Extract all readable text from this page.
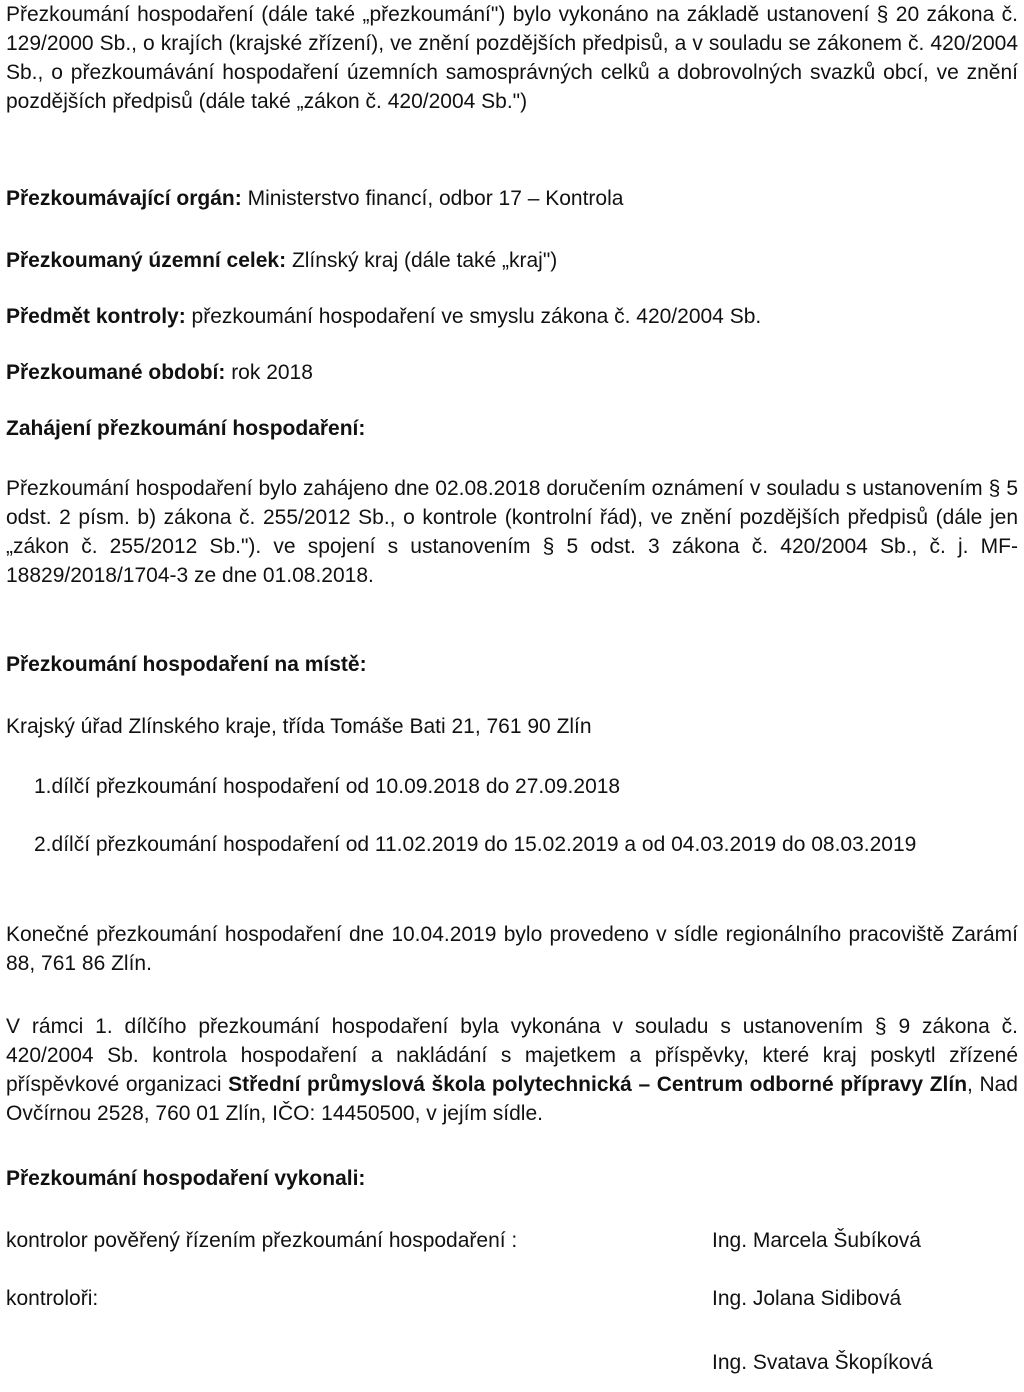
Přezkoumání hospodaření (dále také „přezkoumání") bylo vykonáno na základě ustanovení § 20 zákona č. 129/2000 Sb., o krajích (krajské zřízení), ve znění pozdějších předpisů, a v souladu se zákonem č. 420/2004 Sb., o přezkoumávání hospodaření územních samosprávných celků a dobrovolných svazků obcí, ve znění pozdějších předpisů (dále také „zákon č. 420/2004 Sb.")

Přezkoumávající orgán: Ministerstvo financí, odbor 17 – Kontrola

Přezkoumaný územní celek: Zlínský kraj (dále také „kraj")

Předmět kontroly: přezkoumání hospodaření ve smyslu zákona č. 420/2004 Sb.

Přezkoumané období: rok 2018

Zahájení přezkoumání hospodaření:

Přezkoumání hospodaření bylo zahájeno dne 02.08.2018 doručením oznámení v souladu s ustanovením § 5 odst. 2 písm. b) zákona č. 255/2012 Sb., o kontrole (kontrolní řád), ve znění pozdějších předpisů (dále jen „zákon č. 255/2012 Sb."). ve spojení s ustanovením § 5 odst. 3 zákona č. 420/2004 Sb., č. j. MF-18829/2018/1704-3 ze dne 01.08.2018.

Přezkoumání hospodaření na místě:

Krajský úřad Zlínského kraje, třída Tomáše Bati 21, 761 90 Zlín

1.dílčí přezkoumání hospodaření od 10.09.2018 do 27.09.2018

2.dílčí přezkoumání hospodaření od 11.02.2019 do 15.02.2019 a od 04.03.2019 do 08.03.2019

Konečné přezkoumání hospodaření dne 10.04.2019 bylo provedeno v sídle regionálního pracoviště Zarámí 88, 761 86 Zlín.

V rámci 1. dílčího přezkoumání hospodaření byla vykonána v souladu s ustanovením § 9 zákona č. 420/2004 Sb. kontrola hospodaření a nakládání s majetkem a příspěvky, které kraj poskytl zřízené příspěvkové organizaci Střední průmyslová škola polytechnická – Centrum odborné přípravy Zlín, Nad Ovčírnou 2528, 760 01 Zlín, IČO: 14450500, v jejím sídle.

Přezkoumání hospodaření vykonali:

kontrolor pověřený řízením přezkoumání hospodaření :	Ing. Marcela Šubíková
kontroloři:	Ing. Jolana Sidibová
Ing. Svatava Škopíková
